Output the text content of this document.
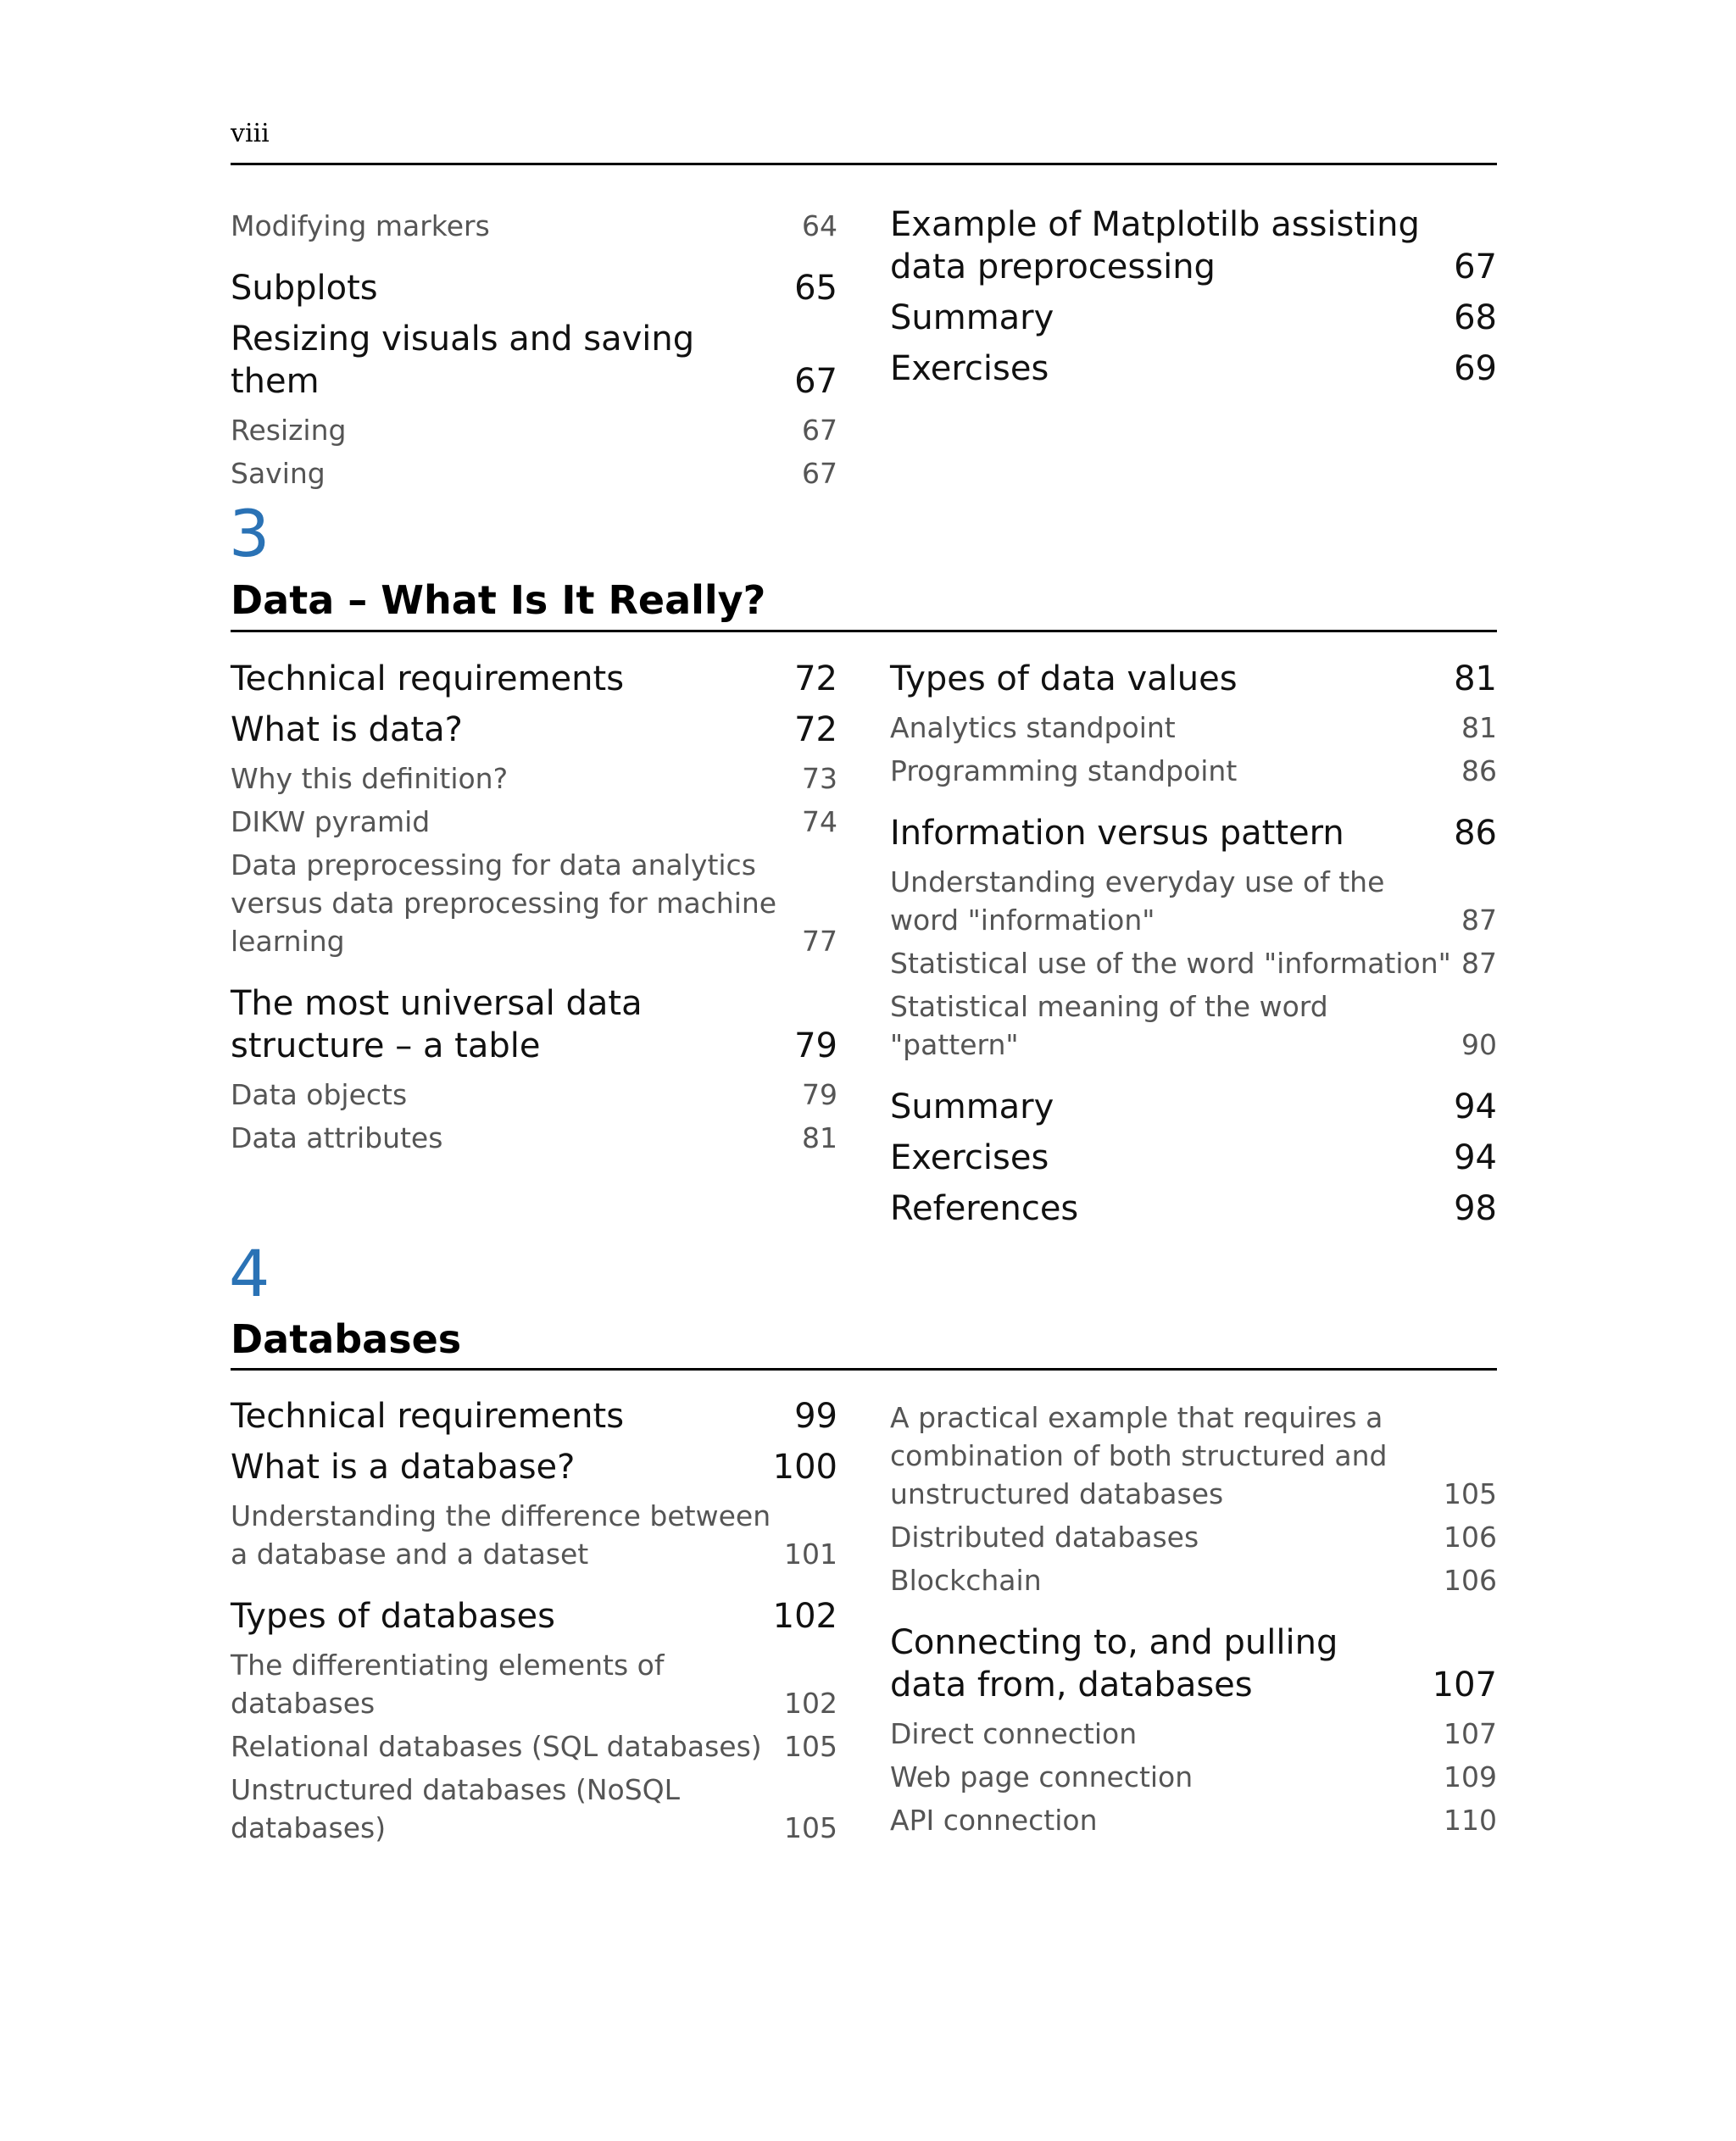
viii
Modifying markers	64
Subplots	65
Resizing visuals and saving them	67
Resizing	67
Saving	67
Example of Matplotilb assisting data preprocessing	67
Summary	68
Exercises	69
3
Data – What Is It Really?
Technical requirements	72
What is data?	72
Why this definition?	73
DIKW pyramid	74
Data preprocessing for data analytics versus data preprocessing for machine learning	77
The most universal data structure – a table	79
Data objects	79
Data attributes	81
Types of data values	81
Analytics standpoint	81
Programming standpoint	86
Information versus pattern	86
Understanding everyday use of the word "information"	87
Statistical use of the word "information" 87
Statistical meaning of the word "pattern"	90
Summary	94
Exercises	94
References	98
4
Databases
Technical requirements	99
What is a database?	100
Understanding the difference between a database and a dataset	101
Types of databases	102
The differentiating elements of databases	102
Relational databases (SQL databases) 105
Unstructured databases (NoSQL databases)	105
A practical example that requires a combination of both structured and unstructured databases	105
Distributed databases	106
Blockchain	106
Connecting to, and pulling data from, databases	107
Direct connection	107
Web page connection	109
API connection	110
